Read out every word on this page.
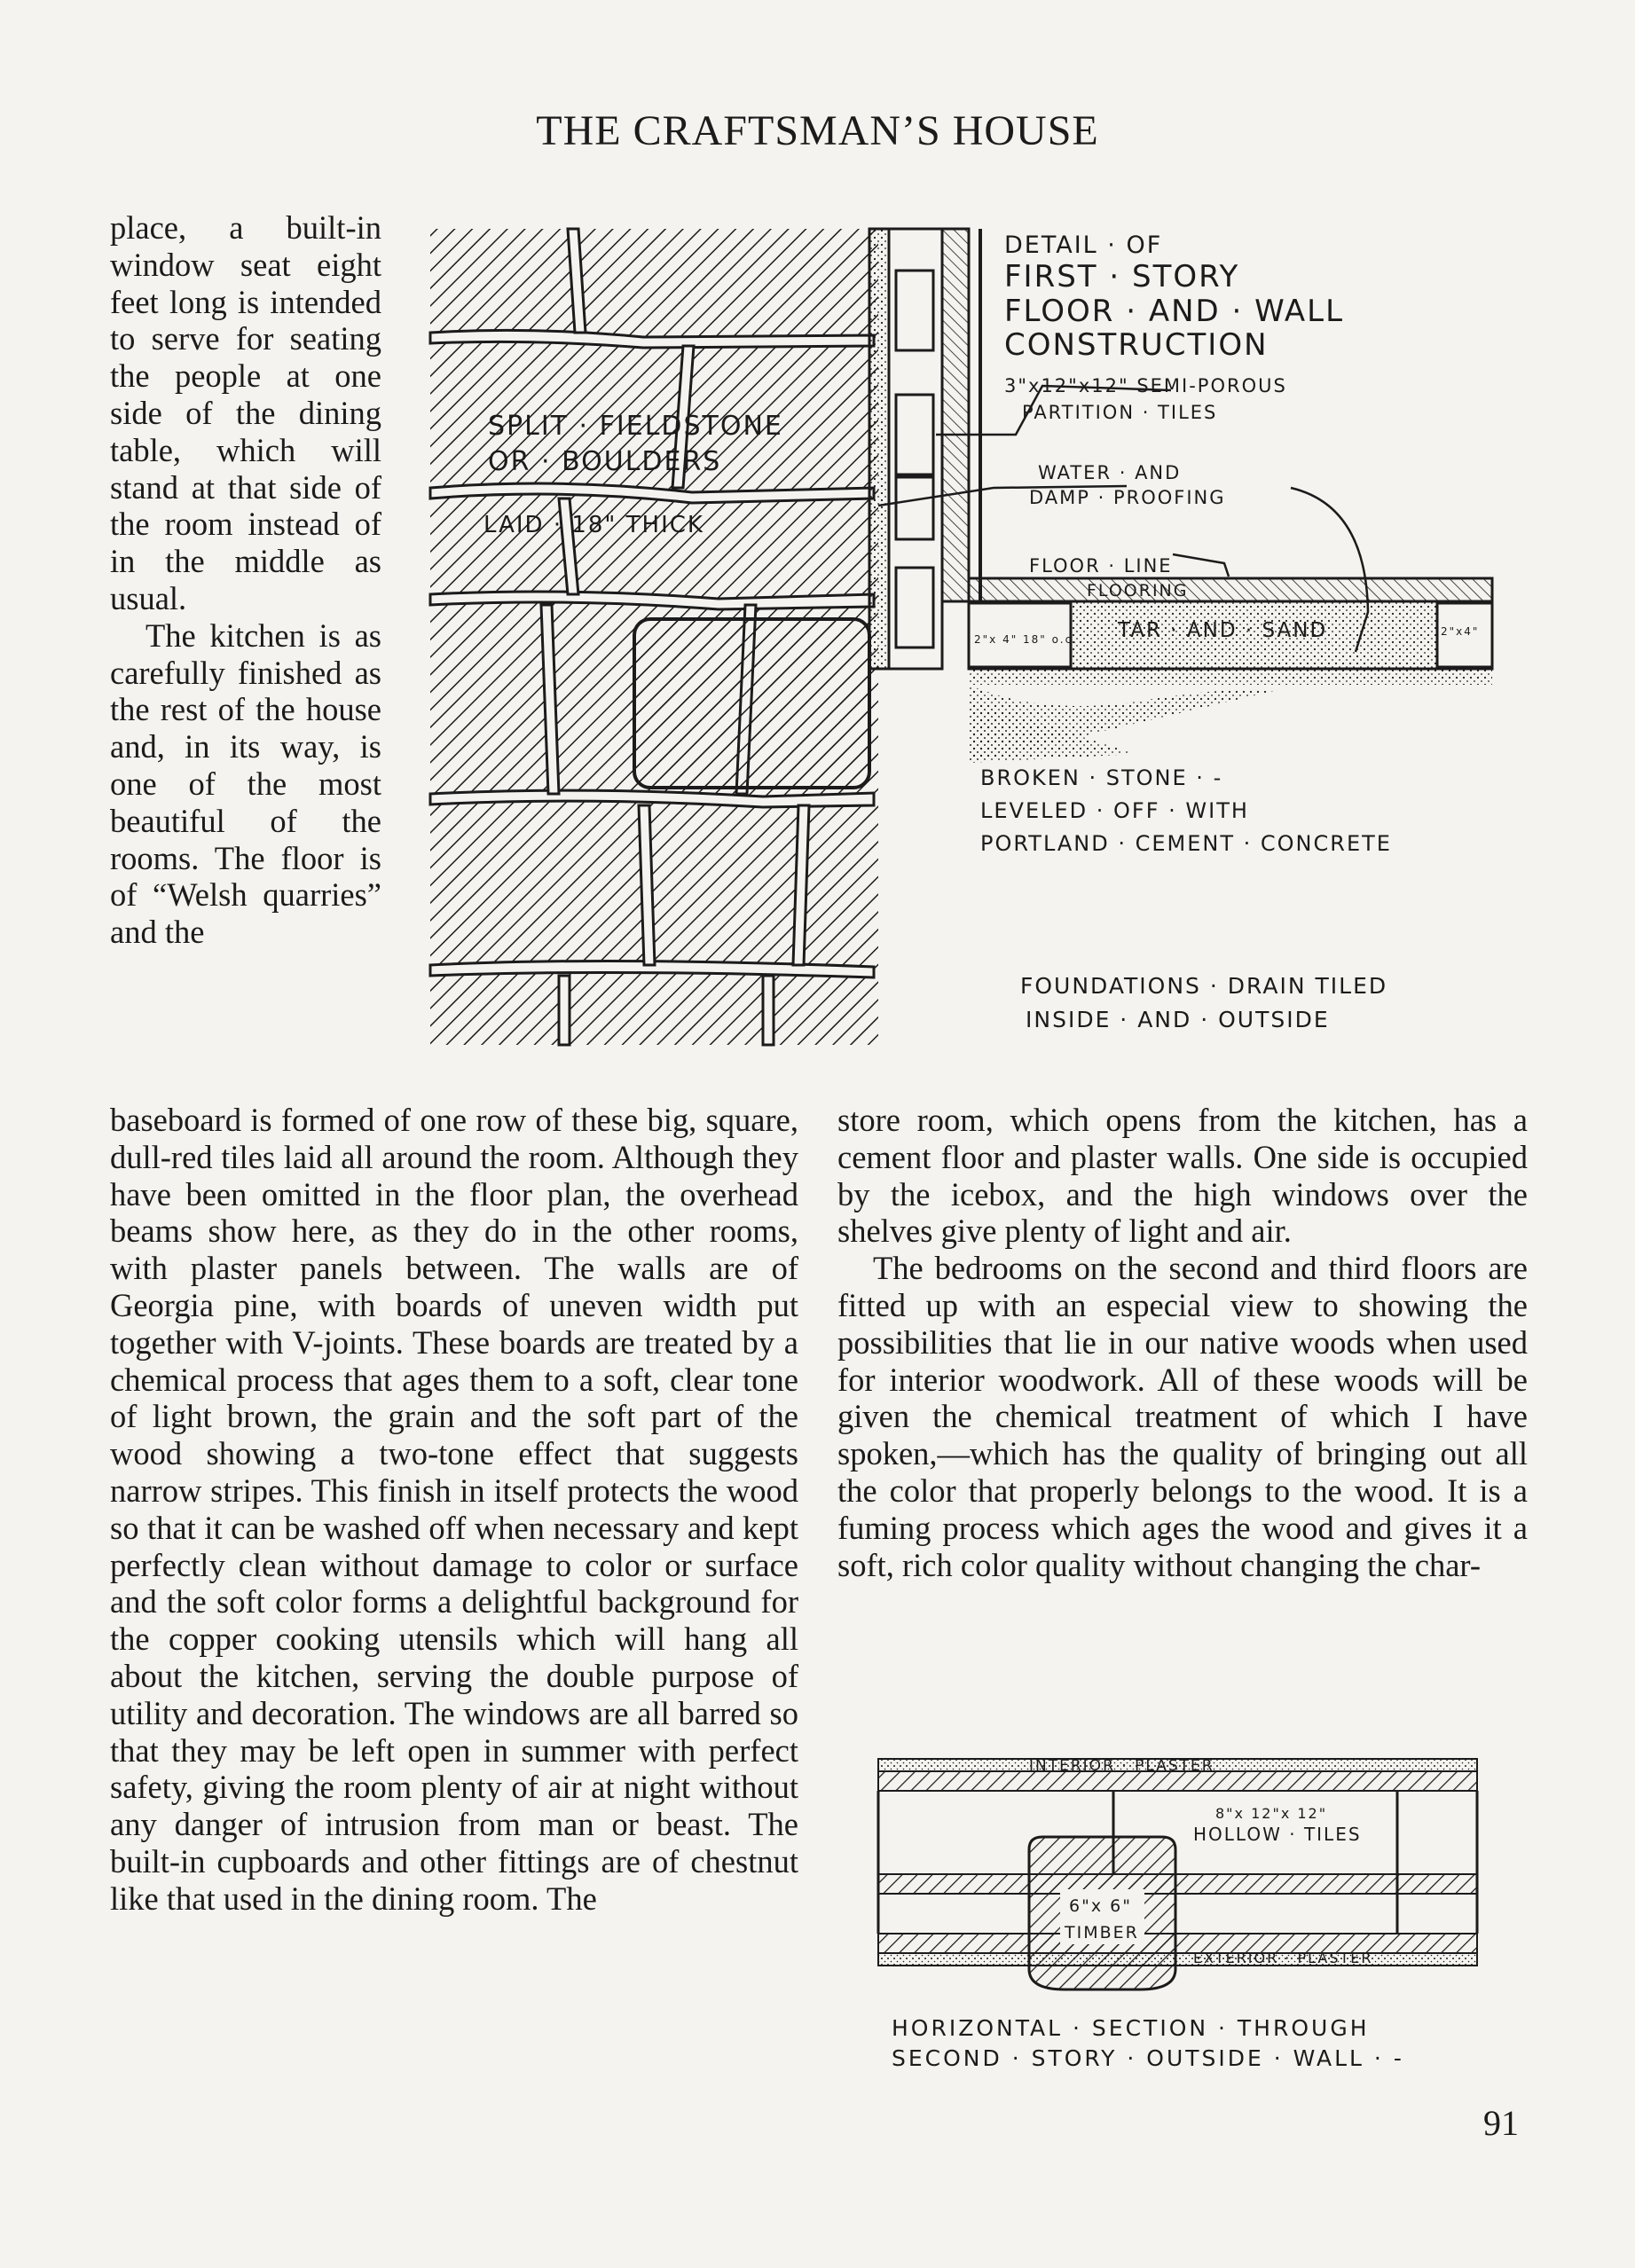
THE CRAFTSMAN’S HOUSE

place, a built-in window seat eight feet long is intended to serve for seating the people at one side of the dining table, which will stand at that side of the room instead of in the middle as usual.

The kitchen is as carefully finished as the rest of the house and, in its way, is one of the most beautiful of the rooms. The floor is of “Welsh quarries” and the

SPLIT · FIELDSTONE
OR · BOULDERS
LAID · 18" THICK
DETAIL · OF
FIRST · STORY
FLOOR · AND · WALL
CONSTRUCTION
3"x12"x12" SEMI-POROUS
PARTITION · TILES
WATER · AND
DAMP · PROOFING
FLOOR · LINE
FLOORING
TAR · AND · SAND
2"x 4" 18" o.c.
2"x4"
BROKEN · STONE · -
LEVELED · OFF · WITH
PORTLAND · CEMENT · CONCRETE
FOUNDATIONS · DRAIN TILED
INSIDE · AND · OUTSIDE

baseboard is formed of one row of these big, square, dull-red tiles laid all around the room. Although they have been omitted in the floor plan, the overhead beams show here, as they do in the other rooms, with plaster panels between. The walls are of Georgia pine, with boards of uneven width put together with V-joints. These boards are treated by a chemical process that ages them to a soft, clear tone of light brown, the grain and the soft part of the wood showing a two-tone effect that suggests narrow stripes. This finish in itself protects the wood so that it can be washed off when necessary and kept perfectly clean without damage to color or surface and the soft color forms a delightful background for the copper cooking utensils which will hang all about the kitchen, serving the double purpose of utility and decoration. The windows are all barred so that they may be left open in summer with perfect safety, giving the room plenty of air at night without any danger of intrusion from man or beast. The built-in cupboards and other fittings are of chestnut like that used in the dining room. The

store room, which opens from the kitchen, has a cement floor and plaster walls. One side is occupied by the icebox, and the high windows over the shelves give plenty of light and air.

The bedrooms on the second and third floors are fitted up with an especial view to showing the possibilities that lie in our native woods when used for interior woodwork. All of these woods will be given the chemical treatment of which I have spoken,—which has the quality of bringing out all the color that properly belongs to the wood. It is a fuming process which ages the wood and gives it a soft, rich color quality without changing the char-

INTERIOR · PLASTER
8"x 12"x 12"
HOLLOW · TILES
6"x 6"
TIMBER
EXTERIOR · PLASTER
HORIZONTAL · SECTION · THROUGH
SECOND · STORY · OUTSIDE · WALL · -
91
